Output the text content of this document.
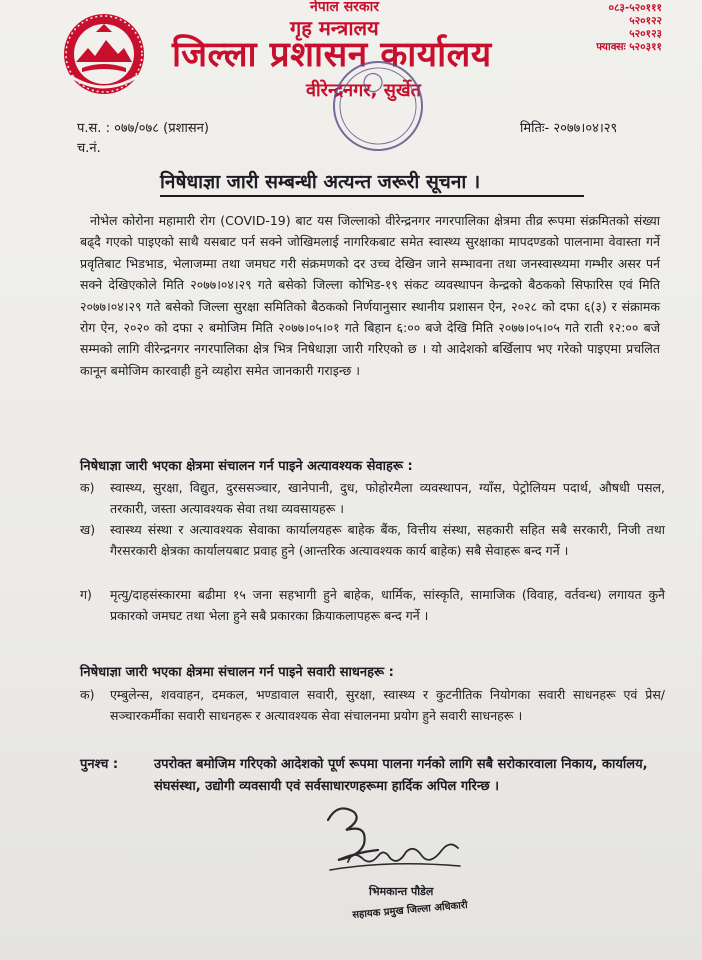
नेपाल सरकार
गृह मन्त्रालय
जिल्ला प्रशासन कार्यालय
वीरेन्द्रनगर, सुर्खेत
०८३-५२०१११
५२०१२२
५२०१२३
फ्याक्सः ५२०३११
प.स. : ०७७/०७८ (प्रशासन)
च.नं.
मितिः- २०७७।०४।२९
निषेधाज्ञा जारी सम्बन्धी अत्यन्त जरूरी सूचना ।
नोभेल कोरोना महामारी रोग (COVID-19) बाट यस जिल्लाको वीरेन्द्रनगर नगरपालिका क्षेत्रमा तीव्र रूपमा संक्रमितको संख्या बढ्दै गएको पाइएको साथै यसबाट पर्न सक्ने जोखिमलाई नागरिकबाट समेत स्वास्थ्य सुरक्षाका मापदण्डको पालनामा वेवास्ता गर्ने प्रवृतिबाट भिडभाड, भेलाजम्मा तथा जमघट गरी संक्रमणको दर उच्च देखिन जाने सम्भावना तथा जनस्वास्थ्यमा गम्भीर असर पर्न सक्ने देखिएकोले मिति २०७७।०४।२९ गते बसेको जिल्ला कोभिड-१९ संकट व्यवस्थापन केन्द्रको बैठकको सिफारिस एवं मिति २०७७।०४।२९ गते बसेको जिल्ला सुरक्षा समितिको बैठकको निर्णयानुसार स्थानीय प्रशासन ऐन, २०२८ को दफा ६(३) र संक्रामक रोग ऐन, २०२० को दफा २ बमोजिम मिति २०७७।०५।०१ गते बिहान ६:०० बजे देखि मिति २०७७।०५।०५ गते राती १२:०० बजे सम्मको लागि वीरेन्द्रनगर नगरपालिका क्षेत्र भित्र निषेधाज्ञा जारी गरिएको छ । यो आदेशको बर्खिलाप भए गरेको पाइएमा प्रचलित कानून बमोजिम कारवाही हुने व्यहोरा समेत जानकारी गराइन्छ ।
निषेधाज्ञा जारी भएका क्षेत्रमा संचालन गर्न पाइने अत्यावश्यक सेवाहरू :
क)	स्वास्थ्य, सुरक्षा, विद्युत, दुरससञ्चार, खानेपानी, दुध, फोहोरमैला व्यवस्थापन, ग्याँस, पेट्रोलियम पदार्थ, औषधी पसल, तरकारी, जस्ता अत्यावश्यक सेवा तथा व्यवसायहरू ।
ख)	स्वास्थ्य संस्था र अत्यावश्यक सेवाका कार्यालयहरू बाहेक बैंक, वित्तीय संस्था, सहकारी सहित सबै सरकारी, निजी तथा गैरसरकारी क्षेत्रका कार्यालयबाट प्रवाह हुने (आन्तरिक अत्यावश्यक कार्य बाहेक) सबै सेवाहरू बन्द गर्ने ।
ग)	मृत्यु/दाहसंस्कारमा बढीमा १५ जना सहभागी हुने बाहेक, धार्मिक, सांस्कृति, सामाजिक (विवाह, वर्तवन्ध) लगायत कुनै प्रकारको जमघट तथा भेला हुने सबै प्रकारका क्रियाकलापहरू बन्द गर्ने ।
निषेधाज्ञा जारी भएका क्षेत्रमा संचालन गर्न पाइने सवारी साधनहरू :
क)	एम्बुलेन्स, शववाहन, दमकल, भण्डावाल सवारी, सुरक्षा, स्वास्थ्य र कुटनीतिक नियोगका सवारी साधनहरू एवं प्रेस/सञ्चारकर्मीका सवारी साधनहरू र अत्यावश्यक सेवा संचालनमा प्रयोग हुने सवारी साधनहरू ।
पुनश्च :	उपरोक्त बमोजिम गरिएको आदेशको पूर्ण रूपमा पालना गर्नको लागि सबै सरोकारवाला निकाय, कार्यालय, संघसंस्था, उद्योगी व्यवसायी एवं सर्वसाधारणहरूमा हार्दिक अपिल गरिन्छ ।
भिमकान्त पौडेल
सहायक प्रमुख जिल्ला अधिकारी
